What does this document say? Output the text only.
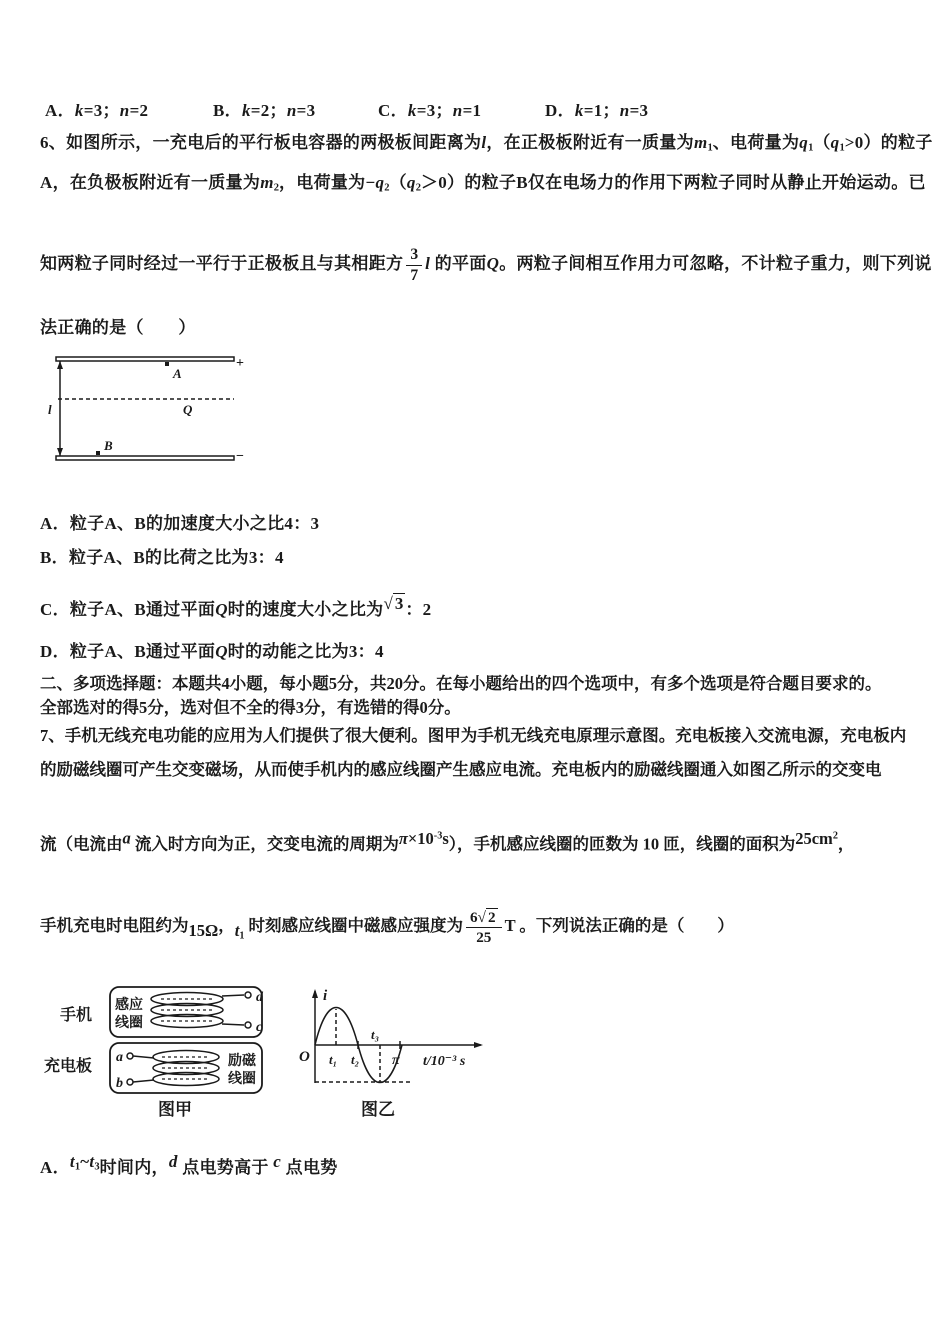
A．k=3；n=2	B．k=2；n=3	C．k=3；n=1	D．k=1；n=3
6、如图所示，一充电后的平行板电容器的两极板间距离为l，在正极板附近有一质量为$m_1$、电荷量为$q_1(q_1>0)$的粒子
A，在负极板附近有一质量为$m_2$，电荷量为$-q_2(q_2>0)$的粒子B仅在电场力的作用下两粒子同时从静止开始运动。已
知两粒子同时经过一平行于正极板且与其相距方 $\frac{3}{7}$ l 的平面Q。两粒子间相互作用力可忽略，不计粒子重力，则下列说
法正确的是（　　）
+
A
Q
−
B
l
A．粒子A、B的加速度大小之比4：3
B．粒子A、B的比荷之比为3：4
C．粒子A、B通过平面Q时的速度大小之比为√ 3 ：2
D．粒子A、B通过平面Q时的动能之比为3：4
二、多项选择题：本题共4小题，每小题5分，共20分。在每小题给出的四个选项中，有多个选项是符合题目要求的。
全部选对的得5分，选对但不全的得3分，有选错的得0分。
7、手机无线充电功能的应用为人们提供了很大便利。图甲为手机无线充电原理示意图。充电板接入交流电源，充电板内
的励磁线圈可产生交变磁场，从而使手机内的感应线圈产生感应电流。充电板内的励磁线圈通入如图乙所示的交变电
流（电流由a 流入时方向为正，交变电流的周期为$\pi\times 10^{-3}s$），手机感应线圈的匝数为 10 匝，线圈的面积为$25cm^2$，
手机充电时电阻约为15Ω，$t_1$ 时刻感应线圈中磁感应强度为 $\frac{6√ 2}{25}$ T 。下列说法正确的是（　　）
手机
感应
线圈
d
c
充电板
a
b
励磁
线圈
图甲
i
O t₁ t₂
t₃
π t/10⁻³ s
图乙
A．$t_1\sim t_3$时间内，d 点电势高于 c 点电势
